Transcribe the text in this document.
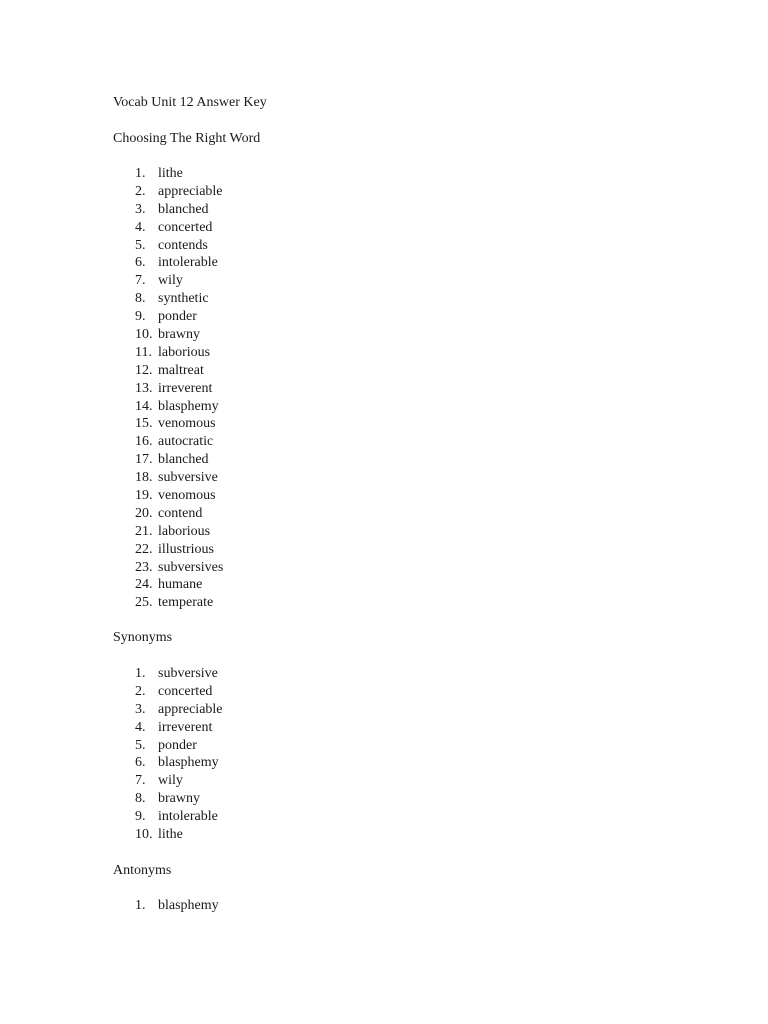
Vocab Unit 12 Answer Key
Choosing The Right Word
1. lithe
2. appreciable
3. blanched
4. concerted
5. contends
6. intolerable
7. wily
8. synthetic
9. ponder
10. brawny
11. laborious
12. maltreat
13. irreverent
14. blasphemy
15. venomous
16. autocratic
17. blanched
18. subversive
19. venomous
20. contend
21. laborious
22. illustrious
23. subversives
24. humane
25. temperate
Synonyms
1. subversive
2. concerted
3. appreciable
4. irreverent
5. ponder
6. blasphemy
7. wily
8. brawny
9. intolerable
10. lithe
Antonyms
1. blasphemy
